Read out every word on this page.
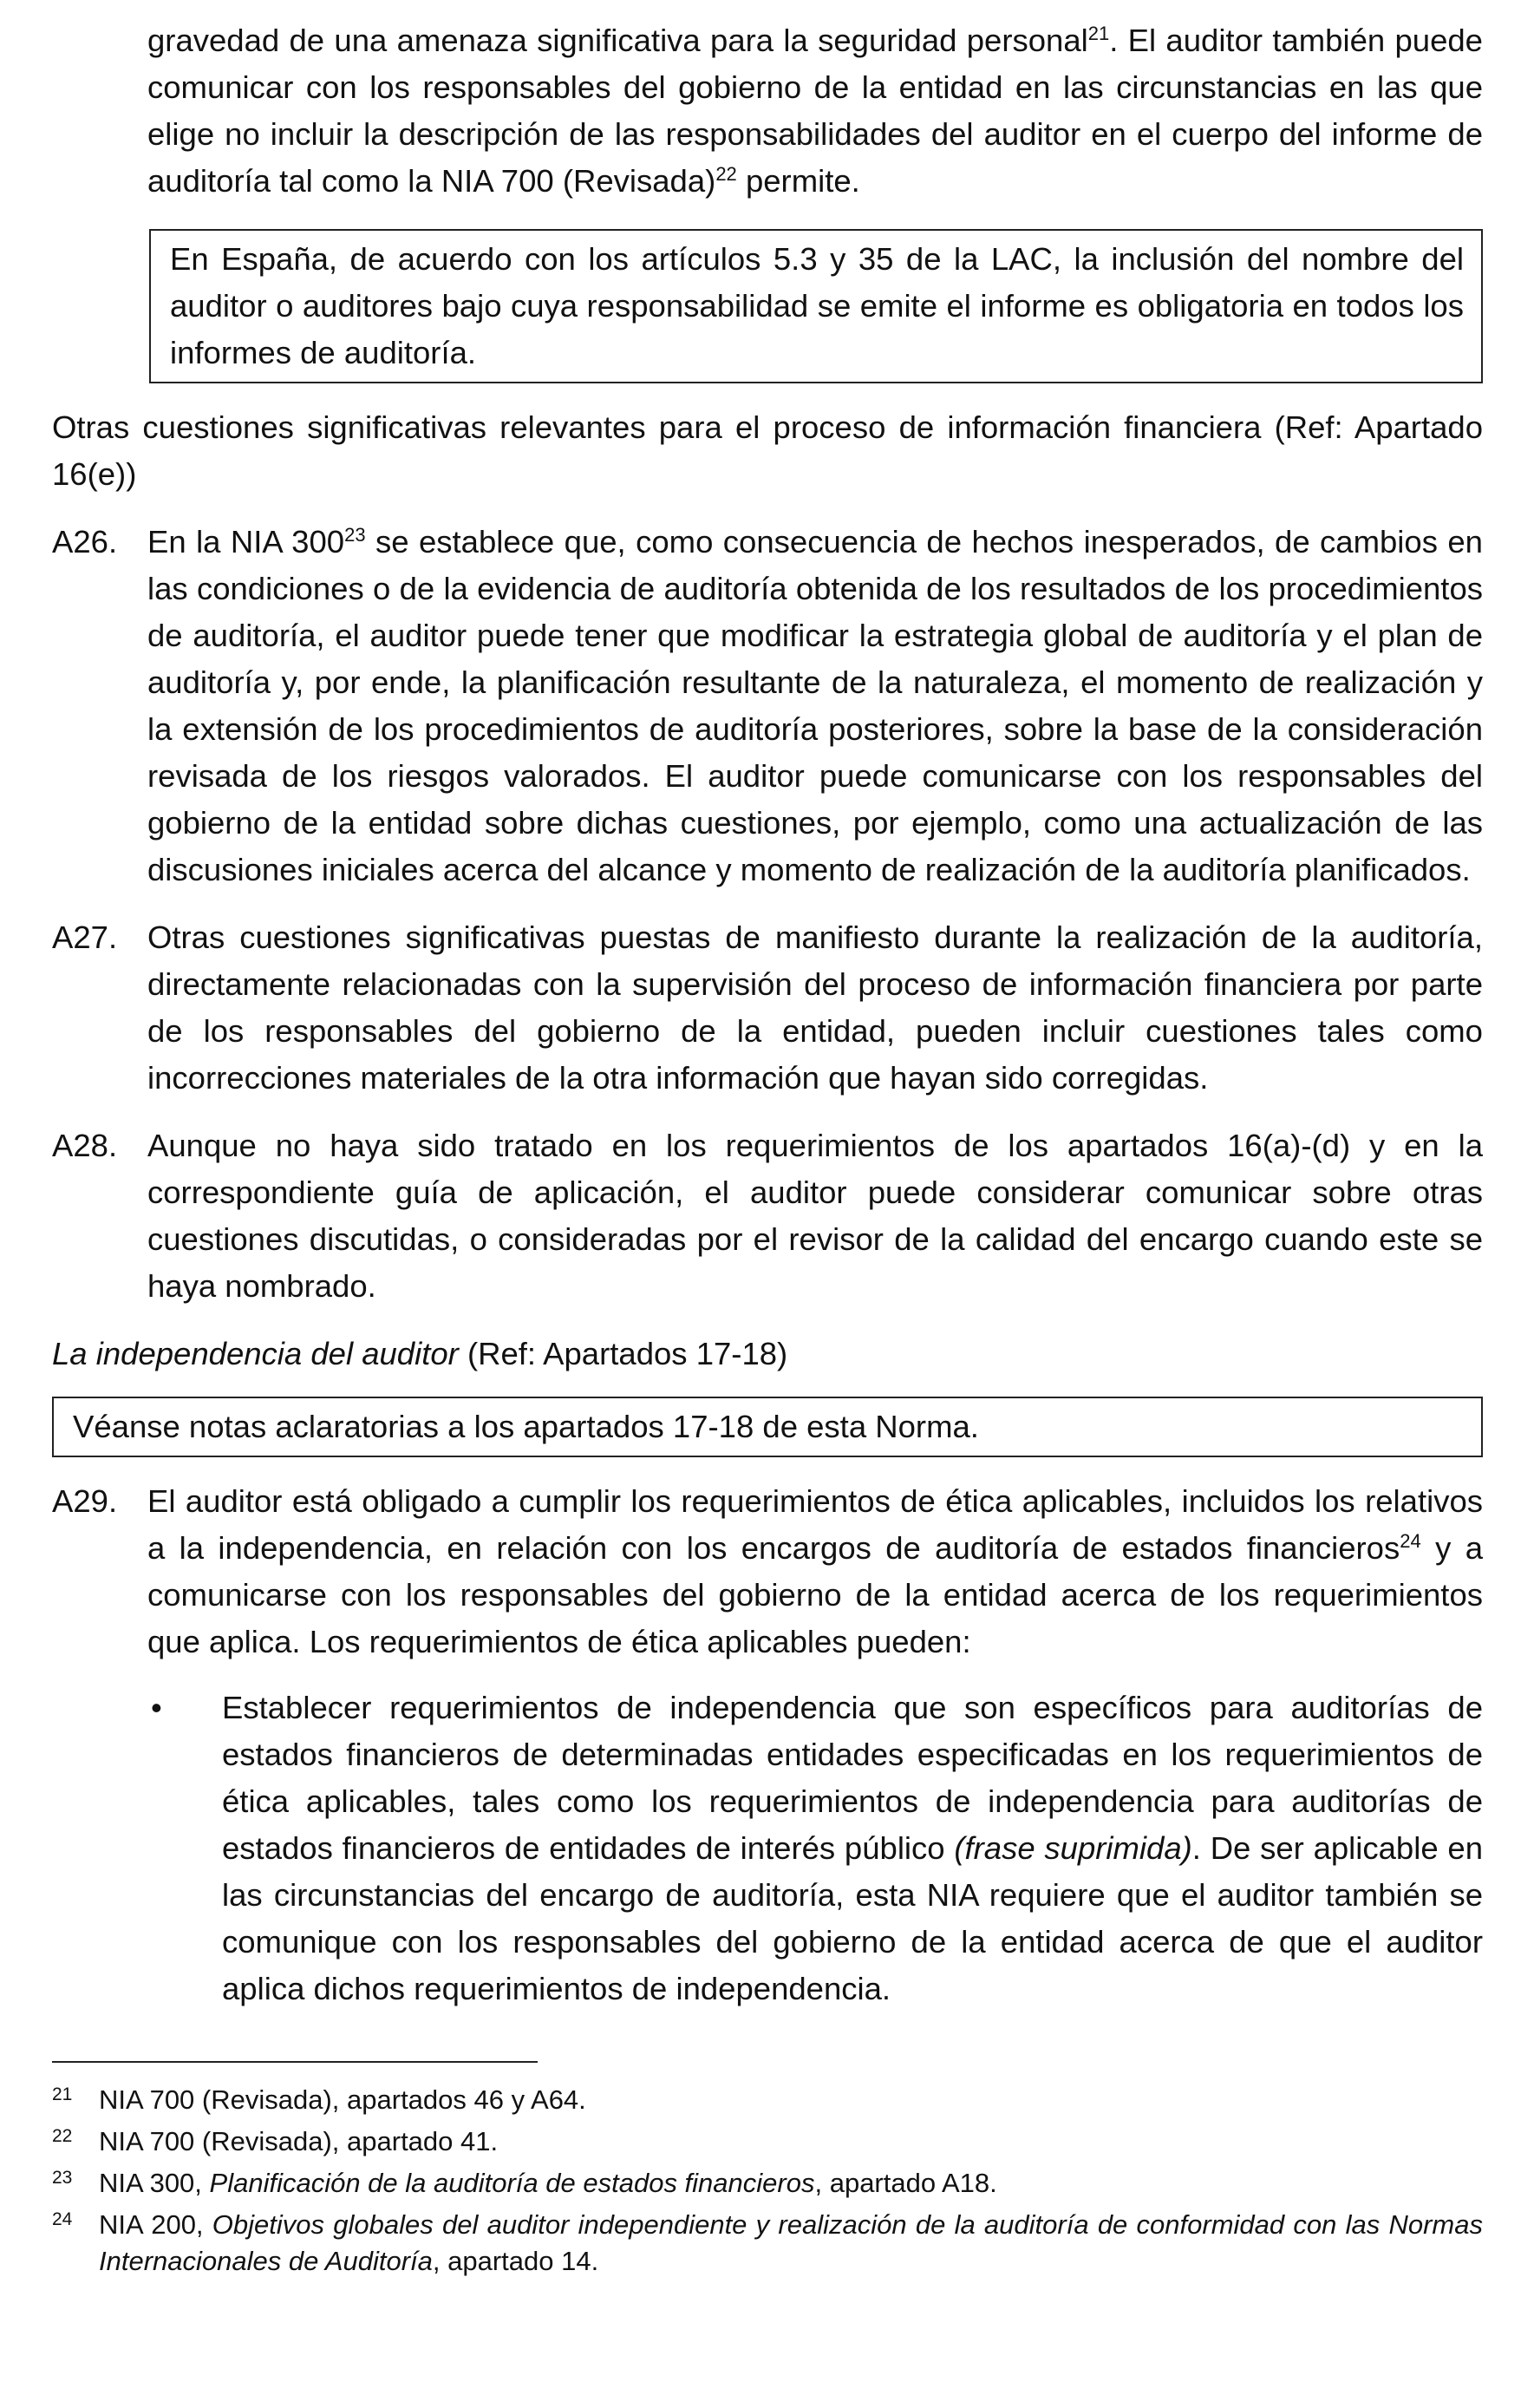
gravedad de una amenaza significativa para la seguridad personal$^{21}$. El auditor también puede comunicar con los responsables del gobierno de la entidad en las circunstancias en las que elige no incluir la descripción de las responsabilidades del auditor en el cuerpo del informe de auditoría tal como la NIA 700 (Revisada)$^{22}$ permite.

En España, de acuerdo con los artículos 5.3 y 35 de la LAC, la inclusión del nombre del auditor o auditores bajo cuya responsabilidad se emite el informe es obligatoria en todos los informes de auditoría.

Otras cuestiones significativas relevantes para el proceso de información financiera (Ref: Apartado 16(e))

A26. En la NIA $300^{23}$ se establece que, como consecuencia de hechos inesperados, de cambios en las condiciones o de la evidencia de auditoría obtenida de los resultados de los procedimientos de auditoría, el auditor puede tener que modificar la estrategia global de auditoría y el plan de auditoría y, por ende, la planificación resultante de la naturaleza, el momento de realización y la extensión de los procedimientos de auditoría posteriores, sobre la base de la consideración revisada de los riesgos valorados. El auditor puede comunicarse con los responsables del gobierno de la entidad sobre dichas cuestiones, por ejemplo, como una actualización de las discusiones iniciales acerca del alcance y momento de realización de la auditoría planificados.
A27. Otras cuestiones significativas puestas de manifiesto durante la realización de la auditoría, directamente relacionadas con la supervisión del proceso de información financiera por parte de los responsables del gobierno de la entidad, pueden incluir cuestiones tales como incorrecciones materiales de la otra información que hayan sido corregidas.
A28. Aunque no haya sido tratado en los requerimientos de los apartados 16(a)-(d) y en la correspondiente guía de aplicación, el auditor puede considerar comunicar sobre otras cuestiones discutidas, o consideradas por el revisor de la calidad del encargo cuando este se haya nombrado.

La independencia del auditor (Ref: Apartados 17-18)

Véanse notas aclaratorias a los apartados 17-18 de esta Norma.
A29. El auditor está obligado a cumplir los requerimientos de ética aplicables, incluidos los relativos a la independencia, en relación con los encargos de auditoría de estados financieros$^{24}$ y a comunicarse con los responsables del gobierno de la entidad acerca de los requerimientos que aplica. Los requerimientos de ética aplicables pueden:
•	Establecer requerimientos de independencia que son específicos para auditorías de estados financieros de determinadas entidades especificadas en los requerimientos de ética aplicables, tales como los requerimientos de independencia para auditorías de estados financieros de entidades de interés público (frase suprimida). De ser aplicable en las circunstancias del encargo de auditoría, esta NIA requiere que el auditor también se comunique con los responsables del gobierno de la entidad acerca de que el auditor aplica dichos requerimientos de independencia.
21 NIA 700 (Revisada), apartados 46 y A64.
22 NIA 700 (Revisada), apartado 41.
23 NIA 300, Planificación de la auditoría de estados financieros, apartado A18.
24 NIA 200, Objetivos globales del auditor independiente y realización de la auditoría de conformidad con las Normas Internacionales de Auditoría, apartado 14.
